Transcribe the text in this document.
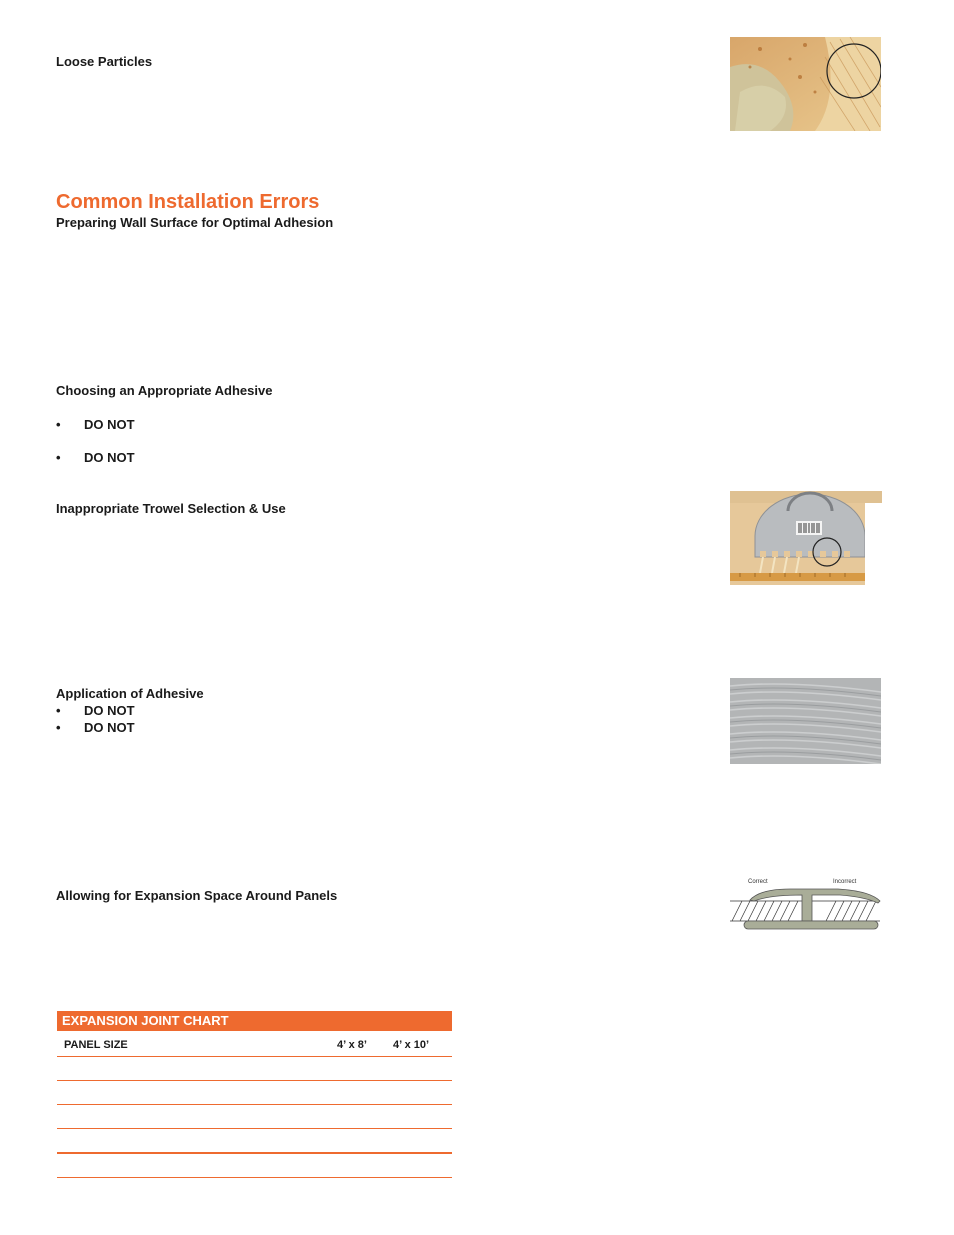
Loose Particles
Common Installation Errors
Preparing Wall Surface for Optimal Adhesion
Choosing an Appropriate Adhesive
• DO NOT
• DO NOT
Inappropriate Trowel Selection & Use
Application of Adhesive
• DO NOT
• DO NOT
Allowing for Expansion Space Around Panels
Correct	Incorrect
EXPANSION JOINT CHART
PANEL SIZE	4’ x 8’ 4’ x 10’
